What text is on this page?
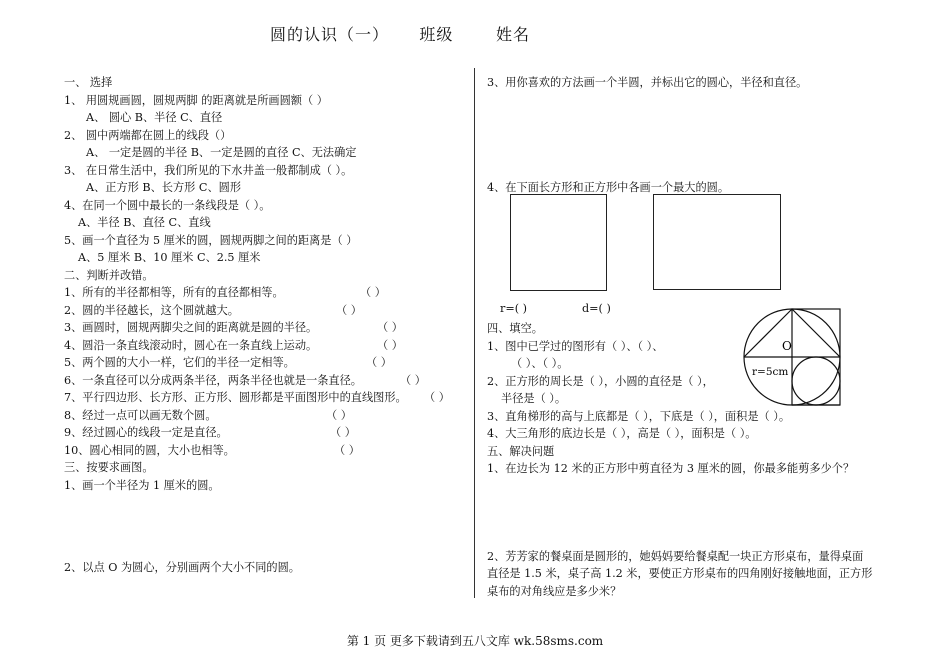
圆的认识（一） 班级	姓名
一、 选择
1、 用圆规画圆，圆规两脚 的距离就是所画圆额（ ）
A、 圆心 B、半径 C、直径
2、 圆中两端都在圆上的线段（）
A、 一定是圆的半径 B、一定是圆的直径 C、无法确定
3、 在日常生活中，我们所见的下水井盖一般都制成（ ）。
A、正方形 B、长方形 C、圆形
4、在同一个圆中最长的一条线段是（ ）。
A、半径 B、直径 C、直线
5、画一个直径为 5 厘米的圆，圆规两脚之间的距离是（ ）
A、5 厘米 B、10 厘米 C、2.5 厘米
二、判断并改错。
1、所有的半径都相等，所有的直径都相等。	（ ）
2、圆的半径越长，这个圆就越大。	（ ）
3、画圆时，圆规两脚尖之间的距离就是圆的半径。	（ ）
4、圆沿一条直线滚动时，圆心在一条直线上运动。	（ ）
5、两个圆的大小一样，它们的半径一定相等。	（ ）
6、一条直径可以分成两条半径，两条半径也就是一条直径。	（ ）
7、平行四边形、长方形、正方形、圆形都是平面图形中的直线图形。 （ ）
8、经过一点可以画无数个圆。	（ ）
9、经过圆心的线段一定是直径。	（ ）
10、圆心相同的圆，大小也相等。	（ ）
三、按要求画图。
1、画一个半径为 1 厘米的圆。
2、以点 O 为圆心，分别画两个大小不同的圆。
3、用你喜欢的方法画一个半圆，并标出它的圆心，半径和直径。
4、在下面长方形和正方形中各画一个最大的圆。
r=( )	d=( )
四、填空。
1、图中已学过的图形有（ ）、（ ）、
（ ）、（ ）。
2、正方形的周长是（ ），小圆的直径是（ ），
半径是（ ）。
3、直角梯形的高与上底都是（ ），下底是（ ），面积是（ ）。
4、大三角形的底边长是（ ），高是（ ），面积是（ ）。
五、解决问题
1、在边长为 12 米的正方形中剪直径为 3 厘米的圆，你最多能剪多少个？
2、芳芳家的餐桌面是圆形的，她妈妈要给餐桌配一块正方形桌布，量得桌面
直径是 1.5 米，桌子高 1.2 米，要使正方形桌布的四角刚好接触地面，正方形
桌布的对角线应是多少米？
O
r=5cm
第 1 页 更多下载请到五八文库 wk.58sms.com
